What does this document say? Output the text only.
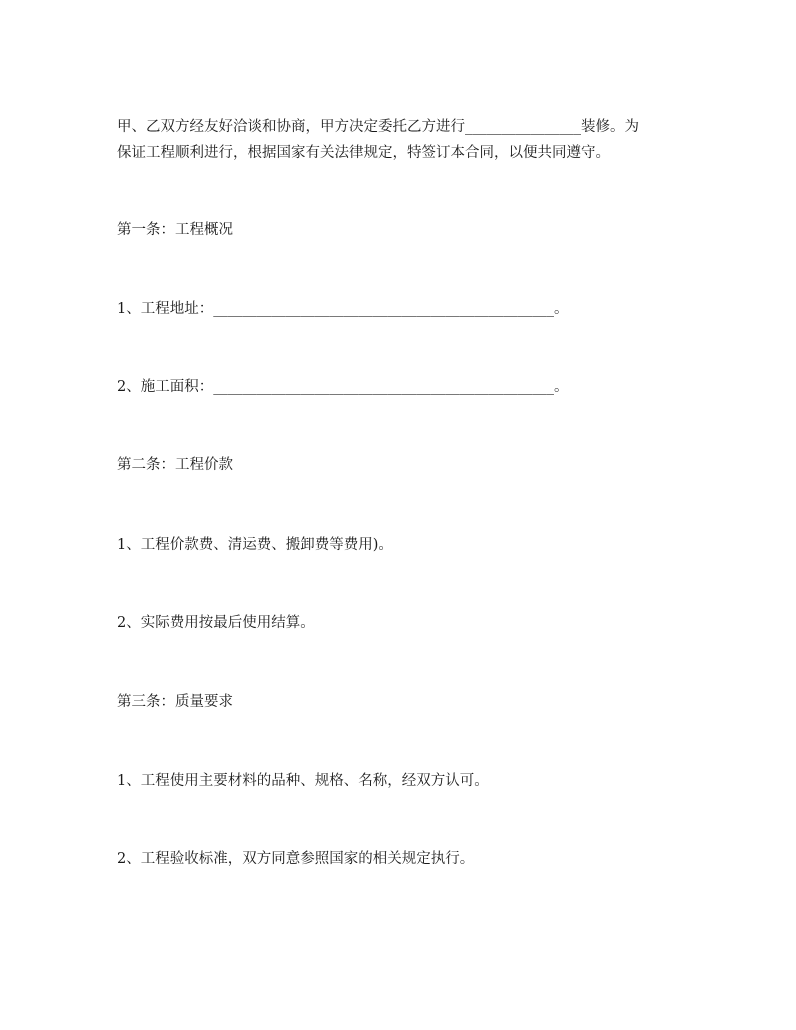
甲、乙双方经友好洽谈和协商，甲方决定委托乙方进行________________装修。为

保证工程顺利进行，根据国家有关法律规定，特签订本合同，以便共同遵守。

第一条：工程概况

1、工程地址：_______________________________________________。

2、施工面积：_______________________________________________。

第二条：工程价款

1、工程价款费、清运费、搬卸费等费用)。

2、实际费用按最后使用结算。

第三条：质量要求

1、工程使用主要材料的品种、规格、名称，经双方认可。

2、工程验收标准，双方同意参照国家的相关规定执行。
